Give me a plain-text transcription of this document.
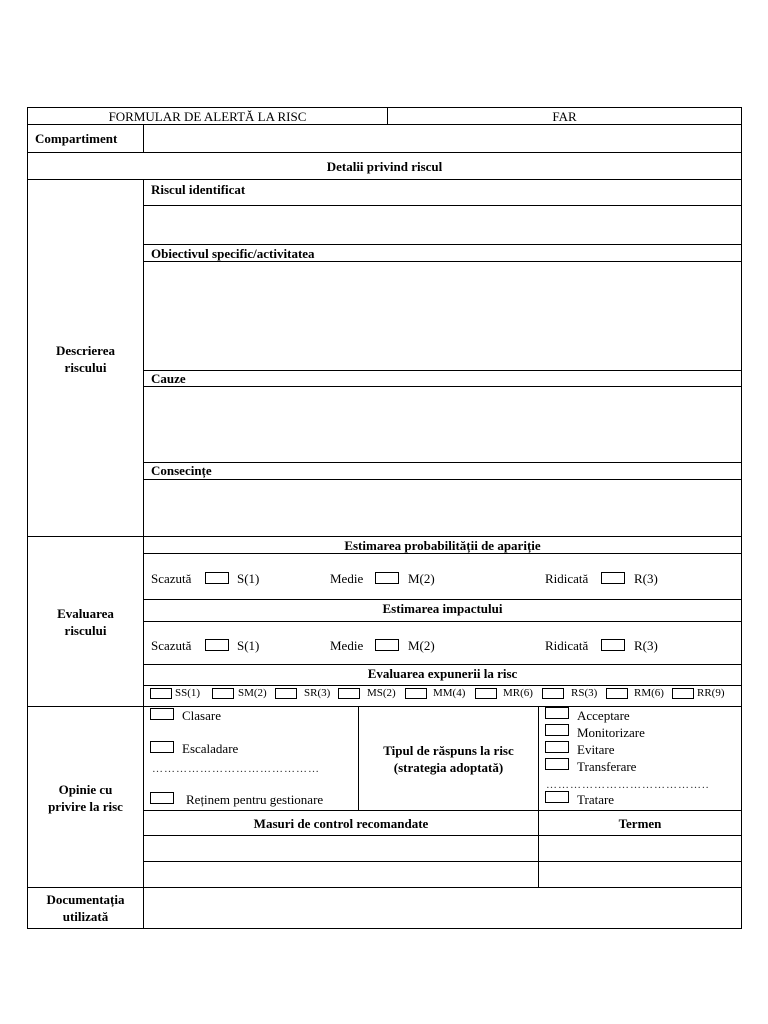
FORMULAR DE ALERTĂ LA RISC	FAR
Compartiment
Detalii privind riscul
Descrierea
riscului
Riscul identificat
Obiectivul specific/activitatea
Cauze
Consecințe
Evaluarea
riscului
Estimarea probabilității de apariție
Scazută	S(1)	Medie	M(2)	Ridicată	R(3)
Estimarea impactului
Scazută	S(1)	Medie	M(2)	Ridicată	R(3)
Evaluarea expunerii la risc
SS(1)	SM(2)	SR(3)	MS(2)	MM(4)	MR(6)	RS(3)	RM(6)	RR(9)
Opinie cu
privire la risc
Clasare
Escaladare
……………………………………
Reținem pentru gestionare
Tipul de răspuns la risc
(strategia adoptată)
Acceptare
Monitorizare
Evitare
Transferare
…………………………………..
Tratare
Masuri de control recomandate	Termen
Documentația
utilizată
